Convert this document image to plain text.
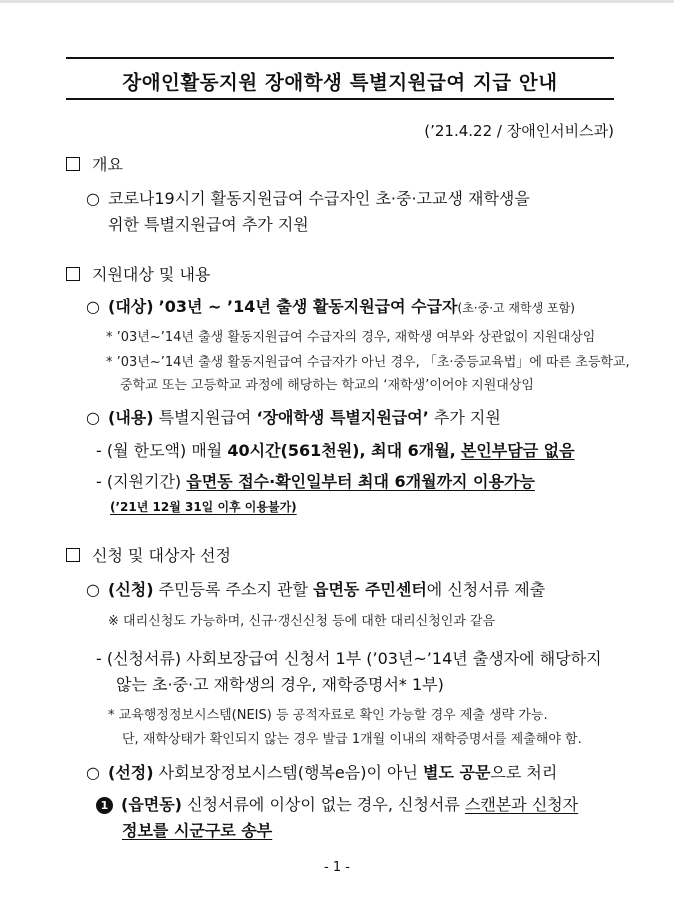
장애인활동지원 장애학생 특별지원급여 지급 안내
(’21.4.22 / 장애인서비스과)
개요
○ 코로나19시기 활동지원급여 수급자인 초·중·고교생 재학생을
위한 특별지원급여 추가 지원
지원대상 및 내용
○ (대상) ’03년 ~ ’14년 출생 활동지원급여 수급자(초·중·고 재학생 포함)
* ’03년~’14년 출생 활동지원급여 수급자의 경우, 재학생 여부와 상관없이 지원대상임
* ’03년~’14년 출생 활동지원급여 수급자가 아닌 경우, 「초·중등교육법」에 따른 초등학교,
중학교 또는 고등학교 과정에 해당하는 학교의 ‘재학생’이어야 지원대상임
○ (내용) 특별지원급여 ‘장애학생 특별지원급여’ 추가 지원
- (월 한도액) 매월 40시간(561천원), 최대 6개월, 본인부담금 없음
- (지원기간) 읍면동 접수·확인일부터 최대 6개월까지 이용가능
(’21년 12월 31일 이후 이용불가)
신청 및 대상자 선정
○ (신청) 주민등록 주소지 관할 읍면동 주민센터에 신청서류 제출
※ 대리신청도 가능하며, 신규·갱신신청 등에 대한 대리신청인과 같음
- (신청서류) 사회보장급여 신청서 1부 (’03년~’14년 출생자에 해당하지
않는 초·중·고 재학생의 경우, 재학증명서* 1부)
* 교육행정정보시스템(NEIS) 등 공적자료로 확인 가능할 경우 제출 생략 가능.
단, 재학상태가 확인되지 않는 경우 발급 1개월 이내의 재학증명서를 제출해야 함.
○ (선정) 사회보장정보시스템(행복e음)이 아닌 별도 공문으로 처리
1 (읍면동) 신청서류에 이상이 없는 경우, 신청서류 스캔본과 신청자
정보를 시군구로 송부
- 1 -
